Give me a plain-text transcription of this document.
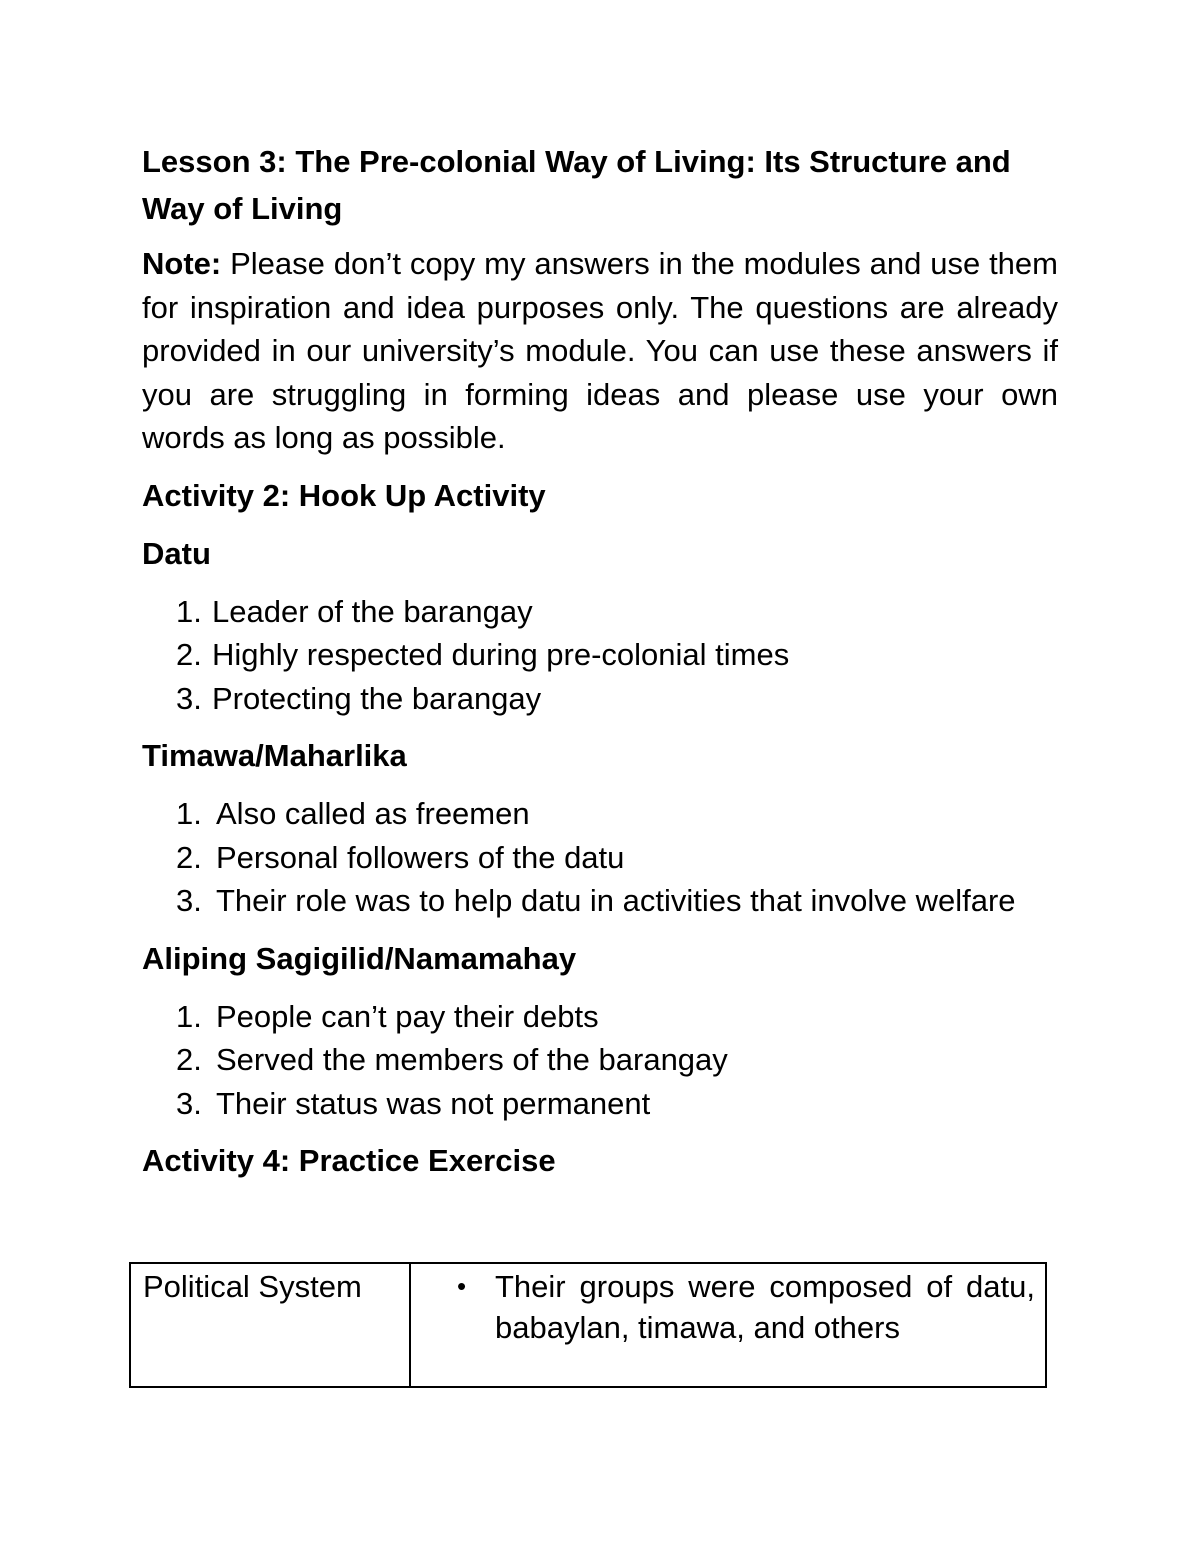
Lesson 3: The Pre-colonial Way of Living: Its Structure and Way of Living

Note: Please don’t copy my answers in the modules and use them for inspiration and idea purposes only. The questions are already provided in our university’s module. You can use these answers if you are struggling in forming ideas and please use your own words as long as possible.

Activity 2: Hook Up Activity
Datu
1. Leader of the barangay
2. Highly respected during pre-colonial times
3. Protecting the barangay
Timawa/Maharlika
1. Also called as freemen
2. Personal followers of the datu
3. Their role was to help datu in activities that involve welfare
Aliping Sagigilid/Namamahay
1. People can’t pay their debts
2. Served the members of the barangay
3. Their status was not permanent
Activity 4: Practice Exercise
Political System	• Their groups were composed of datu, babaylan, timawa, and others
